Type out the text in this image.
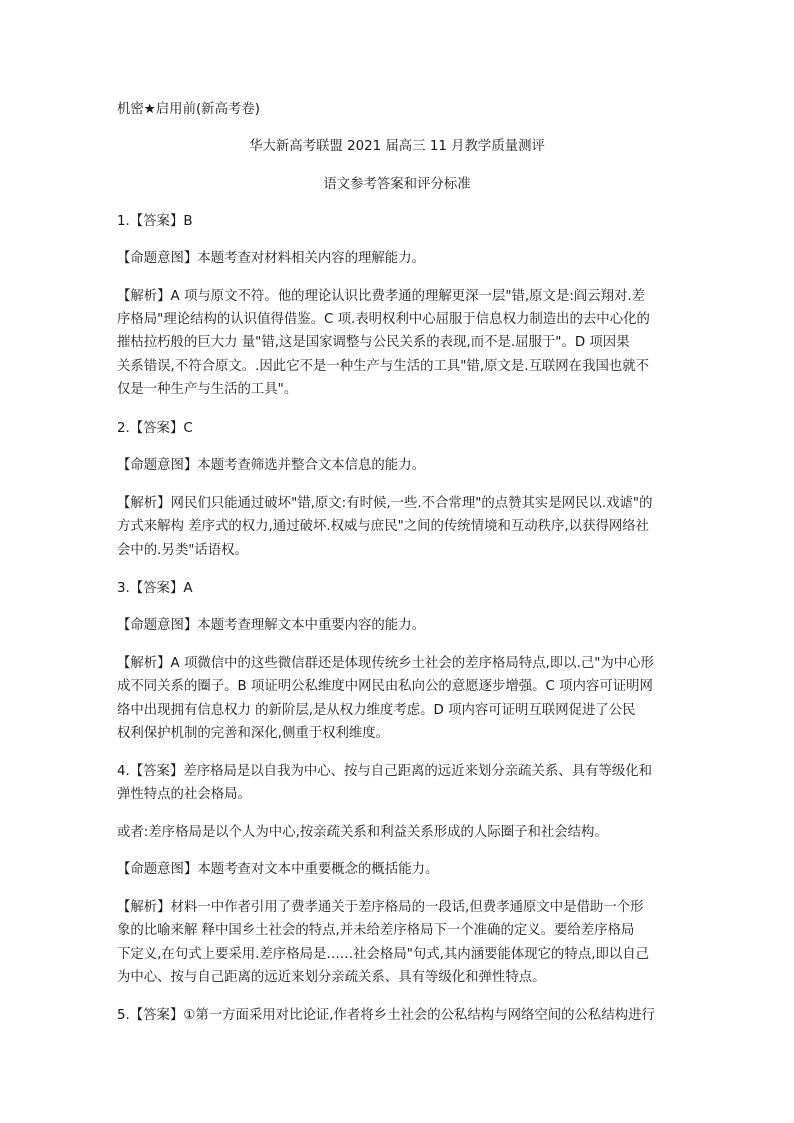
机密★启用前(新高考卷)
华大新高考联盟 2021 届高三 11 月教学质量测评
语文参考答案和评分标准
1.【答案】B
【命题意图】本题考查对材料相关内容的理解能力。
【解析】A 项与原文不符。他的理论认识比费孝通的理解更深一层"错,原文是:阎云翔对.差
序格局"理论结构的认识值得借鉴。C 项.表明权利中心屈服于信息权力制造出的去中心化的
摧枯拉朽般的巨大力 量"错,这是国家调整与公民关系的表现,而不是.屈服于"。D 项因果
关系错误,不符合原文。.因此它不是一种生产与生活的工具"错,原文是.互联网在我国也就不
仅是一种生产与生活的工具"。
2.【答案】C
【命题意图】本题考查筛选并整合文本信息的能力。
【解析】网民们只能通过破坏"错,原文:有时候,一些.不合常理"的点赞其实是网民以.戏谑"的
方式来解构 差序式的权力,通过破坏.权威与庶民"之间的传统情境和互动秩序,以获得网络社
会中的.另类"话语权。
3.【答案】A
【命题意图】本题考查理解文本中重要内容的能力。
【解析】A 项微信中的这些微信群还是体现传统乡土社会的差序格局特点,即以.己"为中心形
成不同关系的圈子。B 项证明公私维度中网民由私向公的意愿逐步增强。C 项内容可证明网
络中出现拥有信息权力 的新阶层,是从权力维度考虑。D 项内容可证明互联网促进了公民
权利保护机制的完善和深化,侧重于权利维度。
4.【答案】差序格局是以自我为中心、按与自己距离的远近来划分亲疏关系、具有等级化和
弹性特点的社会格局。
或者:差序格局是以个人为中心,按亲疏关系和利益关系形成的人际圈子和社会结构。
【命题意图】本题考查对文本中重要概念的概括能力。
【解析】材料一中作者引用了费孝通关于差序格局的一段话,但费孝通原文中是借助一个形
象的比喻来解 释中国乡土社会的特点,并未给差序格局下一个准确的定义。要给差序格局
下定义,在句式上要采用.差序格局是……社会格局"句式,其内涵要能体现它的特点,即以自己
为中心、按与自己距离的远近来划分亲疏关系、具有等级化和弹性特点。
5.【答案】①第一方面采用对比论证,作者将乡土社会的公私结构与网络空间的公私结构进行
